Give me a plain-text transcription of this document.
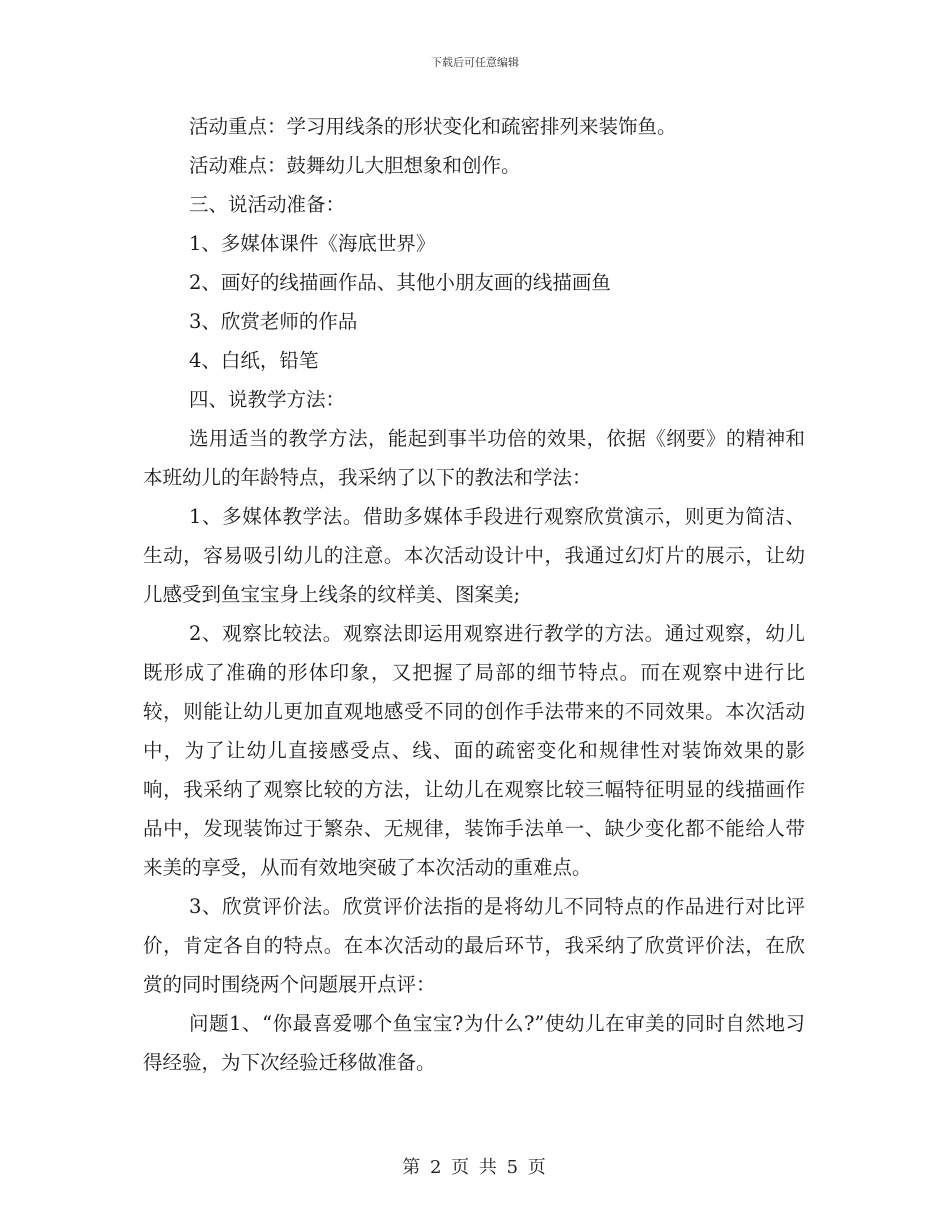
下载后可任意编辑

活动重点：学习用线条的形状变化和疏密排列来装饰鱼。

活动难点：鼓舞幼儿大胆想象和创作。

三、说活动准备：

1、多媒体课件《海底世界》

2、画好的线描画作品、其他小朋友画的线描画鱼

3、欣赏老师的作品

4、白纸，铅笔

四、说教学方法：

选用适当的教学方法，能起到事半功倍的效果，依据《纲要》的精神和本班幼儿的年龄特点，我采纳了以下的教法和学法：

1、多媒体教学法。借助多媒体手段进行观察欣赏演示，则更为简洁、生动，容易吸引幼儿的注意。本次活动设计中，我通过幻灯片的展示，让幼儿感受到鱼宝宝身上线条的纹样美、图案美;

2、观察比较法。观察法即运用观察进行教学的方法。通过观察，幼儿既形成了准确的形体印象，又把握了局部的细节特点。而在观察中进行比较，则能让幼儿更加直观地感受不同的创作手法带来的不同效果。本次活动中，为了让幼儿直接感受点、线、面的疏密变化和规律性对装饰效果的影响，我采纳了观察比较的方法，让幼儿在观察比较三幅特征明显的线描画作品中，发现装饰过于繁杂、无规律，装饰手法单一、缺少变化都不能给人带来美的享受，从而有效地突破了本次活动的重难点。

3、欣赏评价法。欣赏评价法指的是将幼儿不同特点的作品进行对比评价，肯定各自的特点。在本次活动的最后环节，我采纳了欣赏评价法，在欣赏的同时围绕两个问题展开点评：

问题1、“你最喜爱哪个鱼宝宝?为什么?”使幼儿在审美的同时自然地习得经验，为下次经验迁移做准备。

第 2 页 共 5 页
